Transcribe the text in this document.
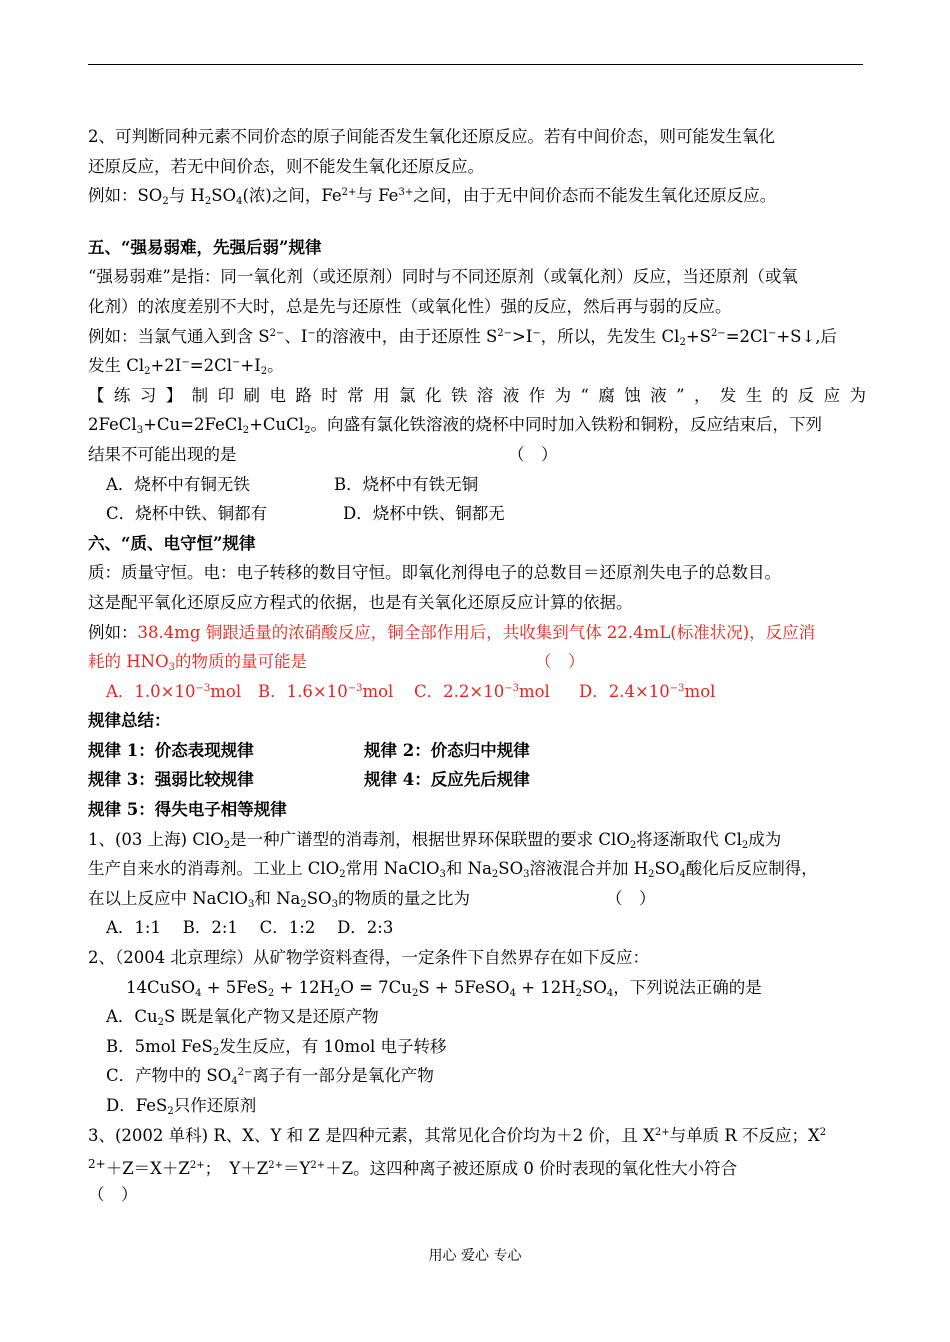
2、可判断同种元素不同价态的原子间能否发生氧化还原反应。若有中间价态，则可能发生氧化
还原反应，若无中间价态，则不能发生氧化还原反应。
例如：$SO_2$与 $H_2SO_4$(浓)之间，$Fe^{2+}$与 $Fe^{3+}$之间，由于无中间价态而不能发生氧化还原反应。
五、“强易弱难，先强后弱”规律
“强易弱难”是指：同一氧化剂（或还原剂）同时与不同还原剂（或氧化剂）反应，当还原剂（或氧
化剂）的浓度差别不大时，总是先与还原性（或氧化性）强的反应，然后再与弱的反应。
例如：当氯气通入到含 $S^{2-}$、I−的溶液中，由于还原性 $S^{2-}>I^-$，所以，先发生 $Cl_2+S^{2-}=2Cl^-+S↓$,后
发生 $Cl_2+2I^-=2Cl^-+I_2$。
【练习】制印刷电路时常用氯化铁溶液作为“腐蚀液”，发生的反应为
2FeCl$_3$+Cu=2FeCl$_2$+CuCl$_2$。向盛有氯化铁溶液的烧杯中同时加入铁粉和铜粉，反应结束后，下列
结果不可能出现的是	（　）
A．烧杯中有铜无铁	B．烧杯中有铁无铜
C．烧杯中铁、铜都有	D．烧杯中铁、铜都无
六、“质、电守恒”规律
质：质量守恒。电：电子转移的数目守恒。即氧化剂得电子的总数目＝还原剂失电子的总数目。
这是配平氧化还原反应方程式的依据，也是有关氧化还原反应计算的依据。
例如：38.4mg 铜跟适量的浓硝酸反应，铜全部作用后，共收集到气体 22.4mL(标准状况)，反应消
耗的 $HNO_3$的物质的量可能是	（　）
A．$1.0\times 10^{-3}mol$ B．$1.6\times 10^{-3}mol$ C．$2.2\times 10^{-3}mol$ D．$2.4\times 10^{-3}mol$
规律总结：
规律 1：价态表现规律	规律 2：价态归中规律
规律 3：强弱比较规律	规律 4：反应先后规律
规律 5：得失电子相等规律
1、(03 上海) ClO$_2$是一种广谱型的消毒剂，根据世界环保联盟的要求 ClO$_2$将逐渐取代 $Cl_2$成为
生产自来水的消毒剂。工业上 ClO$_2$常用 NaClO$_3$和 $Na_2SO_3$溶液混合并加 $H_2SO_4$酸化后反应制得，
在以上反应中 NaClO$_3$和 $Na_2SO_3$的物质的量之比为	（　）
A．1:1　 B．2:1　 C．1:2　 D．2:3
2、（2004 北京理综）从矿物学资料查得，一定条件下自然界存在如下反应：
14CuSO$_4$ + $5FeS_2 + 12H_2O = 7Cu_2S$ + 5FeSO$_4$ + $12H_2SO_4$，下列说法正确的是
A．$Cu_2S$ 既是氧化产物又是还原产物
B．5mol FeS$_2$发生反应，有 10mol 电子转移
C．产物中的 $SO_4^{2-}$离子有一部分是氧化产物
D．FeS$_2$只作还原剂
3、(2002 单科) R、X、Y 和 Z 是四种元素，其常见化合价均为＋2 价，且 $X^{2+}$与单质 R 不反应；$X^2$
$^{2+}+Z=X+Z^{2+}$；　$Y+Z^{2+}=Y^{2+}+Z$。这四种离子被还原成 0 价时表现的氧化性大小符合
（　）
用心 爱心 专心
